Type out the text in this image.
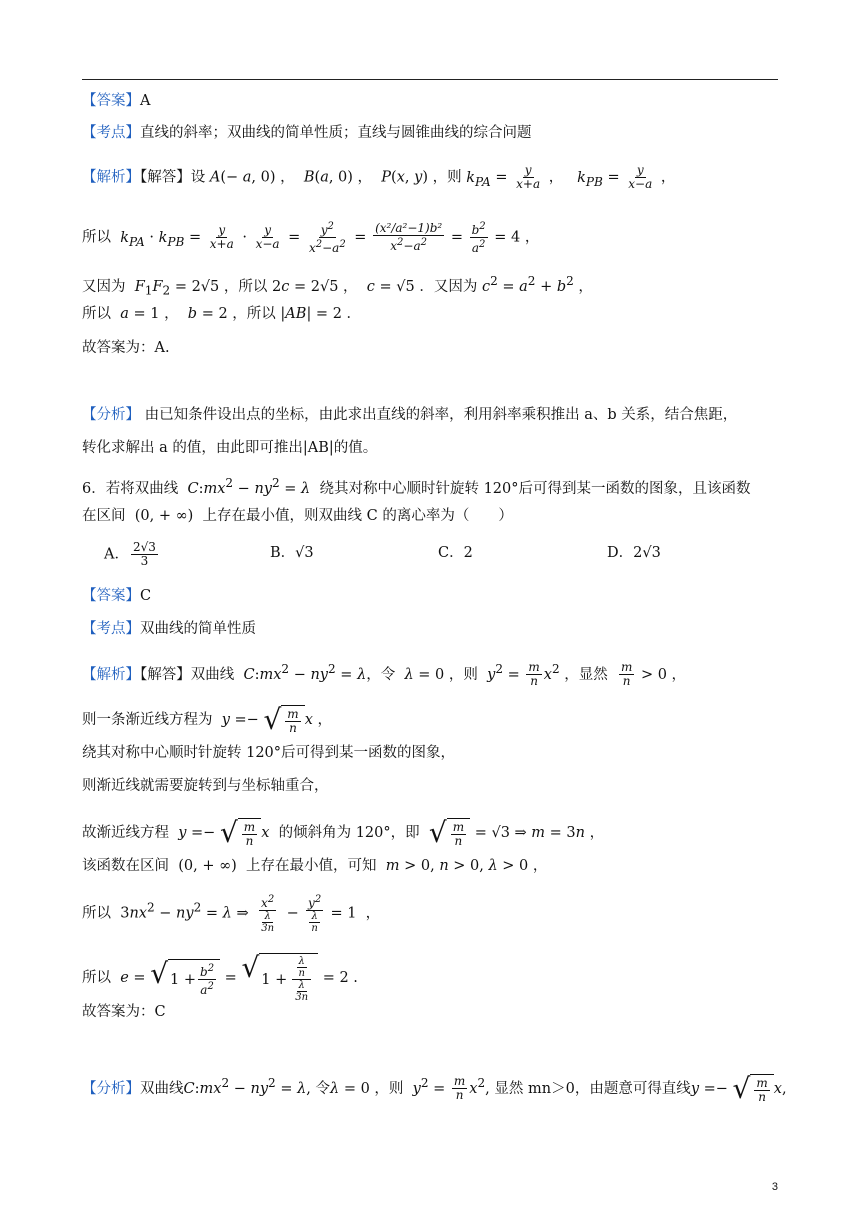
【答案】A
【考点】直线的斜率；双曲线的简单性质；直线与圆锥曲线的综合问题
【解析】【解答】设 A(− a, 0) ，  B(a, 0) ，  P(x, y) ，则 $k_{PA} = \frac{y}{x+a}$ ，   $k_{PB} = \frac{y}{x-a}$ ，
所以 $k_{PA} \cdot k_{PB} = \frac{y}{x+a} \cdot \frac{y}{x-a} = \frac{y^2}{x^2-a^2} = \frac{\text{(x²/a²−1)b²}}{x^2-a^2} = \frac{b^2}{a^2} = 4$ ，
又因为 $F_1F_2 = 2√5$ ，所以 2c = 2√5 ，  c = √5 ．又因为 $c^2 = a^2 + b^2$ ，
所以 a = 1 ，  b = 2 ，所以 |AB| = 2 ．
故答案为：A.
【分析】 由已知条件设出点的坐标，由此求出直线的斜率，利用斜率乘积推出 a、b 关系，结合焦距，
转化求解出 a 的值，由此即可推出|AB|的值。
6．若将双曲线 $C:mx^2 - ny^2 = \lambda$ 绕其对称中心顺时针旋转 120°后可得到某一函数的图象，且该函数
在区间  (0, + ∞)  上存在最小值，则双曲线 C 的离心率为（　　）
A． $\frac{2√3}{3}$	B．√3	C．2	D．2√3
【答案】C
【考点】双曲线的简单性质
【解析】【解答】双曲线 $C:mx^2 - ny^2 = \lambda$，令 λ = 0 ，则 $y^2 = \frac{m}{n} x^2$ ，显然 $\frac{m}{n} > 0$ ，
则一条渐近线方程为 y =− √ $\frac{m}{n}$ x ，
绕其对称中心顺时针旋转 120°后可得到某一函数的图象，
则渐近线就需要旋转到与坐标轴重合，
故渐近线方程 y =− √ $\frac{m}{n}$ x 的倾斜角为 120°，即 √ $\frac{m}{n} = √3$ ⇒ m = 3n ，
该函数在区间  (0, + ∞)  上存在最小值，可知 m > 0, n > 0, λ > 0 ，
所以  $3nx^2 - ny^2 = \lambda$ ⇒ $\frac{x^2}{\frac{\lambda}{3n}} - \frac{y^2}{\frac{\lambda}{n}} = 1$  ，
所以 e = √ $1 + \frac{b^2}{a^2}$ = √ $1 + \frac{\frac{\lambda}{n}}{\frac{\lambda}{3n}} = 2$ .
故答案为：C
【分析】双曲线$C:mx^2 - ny^2 = \lambda$, 令λ = 0 ，则 $y^2 = \frac{m}{n} x^2$, 显然 mn＞0，由题意可得直线y =− √ $\frac{m}{n} x$,
3
